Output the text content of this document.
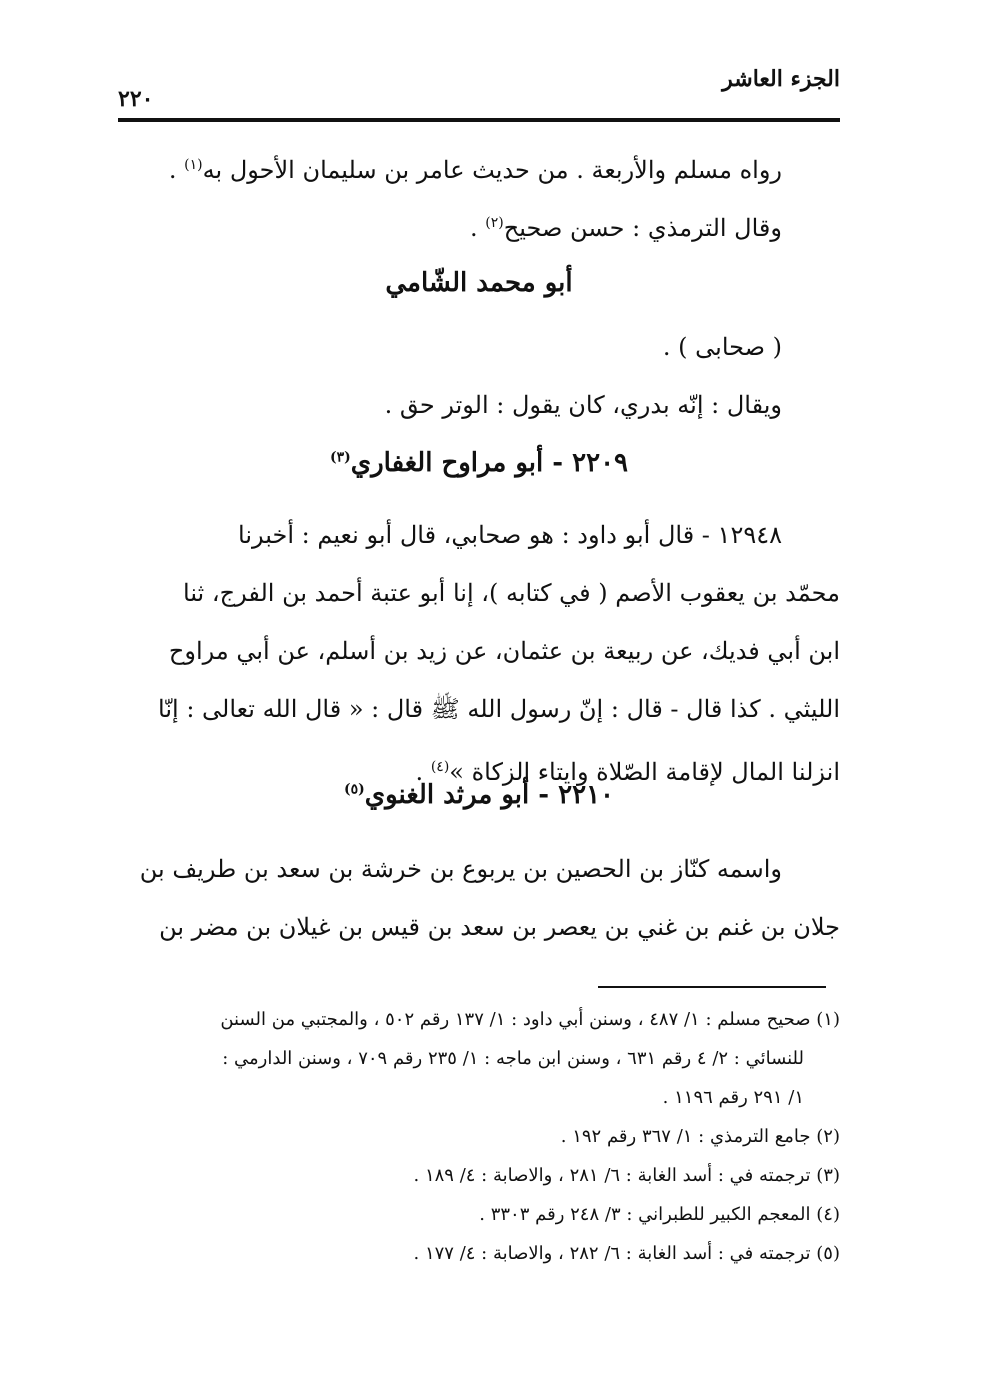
الجزء العاشر
٢٢٠
رواه مسلم والأربعة . من حديث عامر بن سليمان الأحول به$^{(١)}$ .
وقال الترمذي : حسن صحيح$^{(٢)}$ .
أبو محمد الشّامي
( صحابى ) .
ويقال : إنّه بدري، كان يقول : الوتر حق .
٢٢٠٩ - أبو مراوح الغفاري$^{(٣)}$
١٢٩٤٨ - قال أبو داود : هو صحابي، قال أبو نعيم : أخبرنا
محمّد بن يعقوب الأصم ( في كتابه )، إنا أبو عتبة أحمد بن الفرج، ثنا
ابن أبي فديك، عن ربيعة بن عثمان، عن زيد بن أسلم، عن أبي مراوح
الليثي . كذا قال - قال : إنّ رسول الله ﷺ قال : « قال الله تعالى : إنّا
انزلنا المال لإقامة الصّلاة وايتاء الزكاة »$^{(٤)}$ .
٢٢١٠ - أبو مرثد الغنوي$^{(٥)}$
واسمه كنّاز بن الحصين بن يربوع بن خرشة بن سعد بن طريف بن
جلان بن غنم بن غني بن يعصر بن سعد بن قيس بن غيلان بن مضر بن
(١) صحيح مسلم : ١/ ٤٨٧ ، وسنن أبي داود : ١/ ١٣٧ رقم ٥٠٢ ، والمجتبي من السنن
للنسائي : ٢/ ٤ رقم ٦٣١ ، وسنن ابن ماجه : ١/ ٢٣٥ رقم ٧٠٩ ، وسنن الدارمي :
١/ ٢٩١ رقم ١١٩٦ .
(٢) جامع الترمذي : ١/ ٣٦٧ رقم ١٩٢ .
(٣) ترجمته في : أسد الغابة : ٦/ ٢٨١ ، والاصابة : ٤/ ١٨٩ .
(٤) المعجم الكبير للطبراني : ٣/ ٢٤٨ رقم ٣٣٠٣ .
(٥) ترجمته في : أسد الغابة : ٦/ ٢٨٢ ، والاصابة : ٤/ ١٧٧ .
